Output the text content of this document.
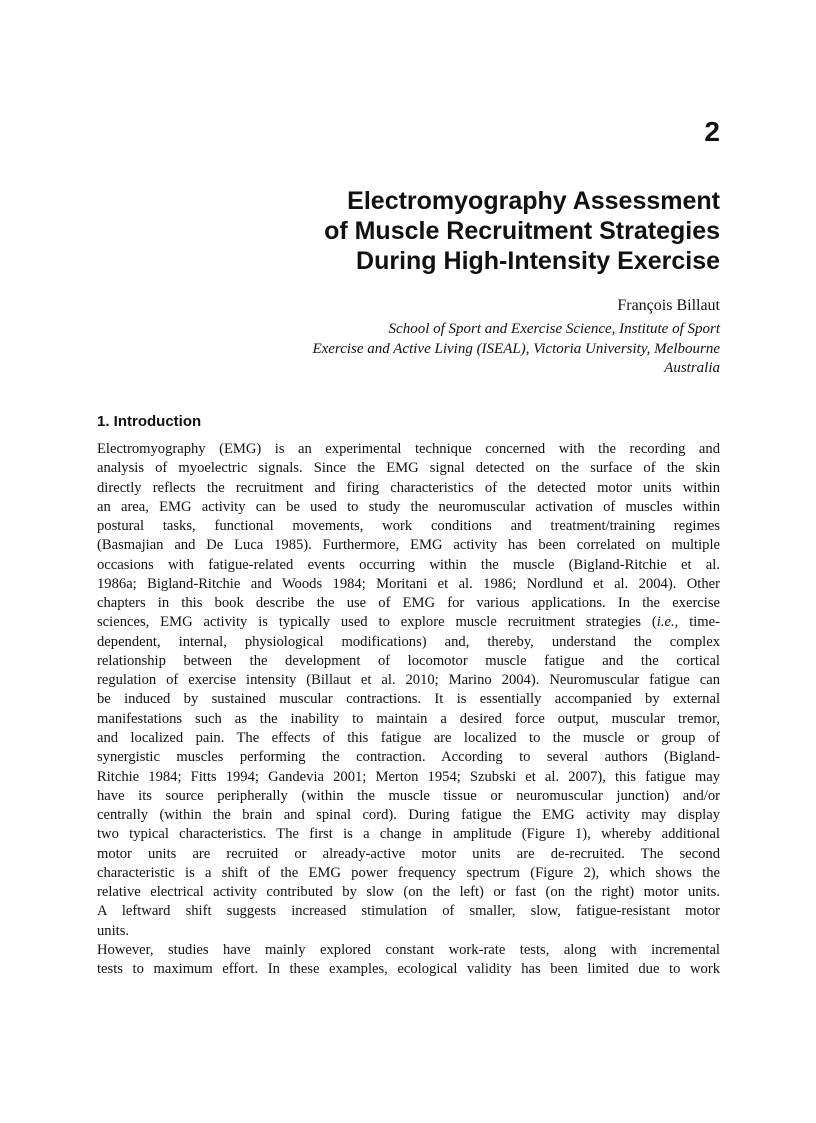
2
Electromyography Assessment
of Muscle Recruitment Strategies
During High-Intensity Exercise
François Billaut
School of Sport and Exercise Science, Institute of Sport
Exercise and Active Living (ISEAL), Victoria University, Melbourne
Australia
1. Introduction
Electromyography (EMG) is an experimental technique concerned with the recording and
analysis of myoelectric signals. Since the EMG signal detected on the surface of the skin
directly reflects the recruitment and firing characteristics of the detected motor units within
an area, EMG activity can be used to study the neuromuscular activation of muscles within
postural tasks, functional movements, work conditions and treatment/training regimes
(Basmajian and De Luca 1985). Furthermore, EMG activity has been correlated on multiple
occasions with fatigue-related events occurring within the muscle (Bigland-Ritchie et al.
1986a; Bigland-Ritchie and Woods 1984; Moritani et al. 1986; Nordlund et al. 2004). Other
chapters in this book describe the use of EMG for various applications. In the exercise
sciences, EMG activity is typically used to explore muscle recruitment strategies (i.e., time-
dependent, internal, physiological modifications) and, thereby, understand the complex
relationship between the development of locomotor muscle fatigue and the cortical
regulation of exercise intensity (Billaut et al. 2010; Marino 2004). Neuromuscular fatigue can
be induced by sustained muscular contractions. It is essentially accompanied by external
manifestations such as the inability to maintain a desired force output, muscular tremor,
and localized pain. The effects of this fatigue are localized to the muscle or group of
synergistic muscles performing the contraction. According to several authors (Bigland-
Ritchie 1984; Fitts 1994; Gandevia 2001; Merton 1954; Szubski et al. 2007), this fatigue may
have its source peripherally (within the muscle tissue or neuromuscular junction) and/or
centrally (within the brain and spinal cord). During fatigue the EMG activity may display
two typical characteristics. The first is a change in amplitude (Figure 1), whereby additional
motor units are recruited or already-active motor units are de-recruited. The second
characteristic is a shift of the EMG power frequency spectrum (Figure 2), which shows the
relative electrical activity contributed by slow (on the left) or fast (on the right) motor units.
A leftward shift suggests increased stimulation of smaller, slow, fatigue-resistant motor
units.
However, studies have mainly explored constant work-rate tests, along with incremental
tests to maximum effort. In these examples, ecological validity has been limited due to work
